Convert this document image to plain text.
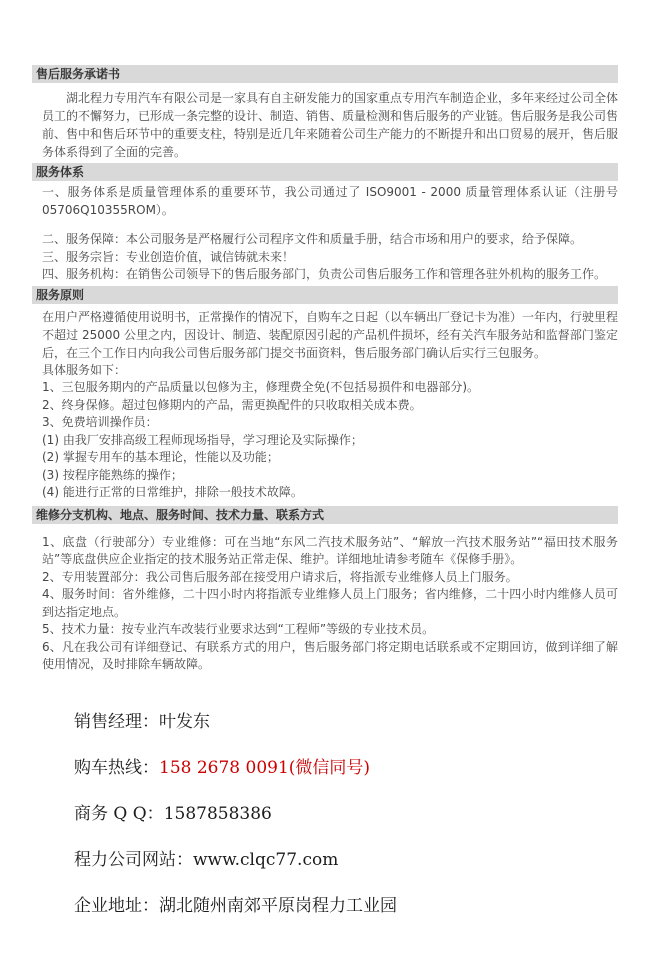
售后服务承诺书

湖北程力专用汽车有限公司是一家具有自主研发能力的国家重点专用汽车制造企业，多年来经过公司全体员工的不懈努力，已形成一条完整的设计、制造、销售、质量检测和售后服务的产业链。售后服务是我公司售前、售中和售后环节中的重要支柱，特别是近几年来随着公司生产能力的不断提升和出口贸易的展开，售后服务体系得到了全面的完善。

服务体系

一、服务体系是质量管理体系的重要环节，我公司通过了 ISO9001 - 2000 质量管理体系认证（注册号 05706Q10355ROM）。

二、服务保障：本公司服务是严格履行公司程序文件和质量手册，结合市场和用户的要求，给予保障。

三、服务宗旨：专业创造价值，诚信铸就未来！

四、服务机构：在销售公司领导下的售后服务部门，负责公司售后服务工作和管理各驻外机构的服务工作。

服务原则

在用户严格遵循使用说明书，正常操作的情况下，自购车之日起（以车辆出厂登记卡为准）一年内，行驶里程不超过 25000 公里之内，因设计、制造、装配原因引起的产品机件损坏，经有关汽车服务站和监督部门鉴定后，在三个工作日内向我公司售后服务部门提交书面资料，售后服务部门确认后实行三包服务。

具体服务如下：

1、三包服务期内的产品质量以包修为主，修理费全免(不包括易损件和电器部分)。

2、终身保修。超过包修期内的产品，需更换配件的只收取相关成本费。

3、免费培训操作员：

(1) 由我厂安排高级工程师现场指导，学习理论及实际操作；

(2) 掌握专用车的基本理论，性能以及功能；

(3) 按程序能熟练的操作；

(4) 能进行正常的日常维护，排除一般技术故障。

维修分支机构、地点、服务时间、技术力量、联系方式

1、底盘（行驶部分）专业维修：可在当地“东风二汽技术服务站”、“解放一汽技术服务站”“福田技术服务站”等底盘供应企业指定的技术服务站正常走保、维护。详细地址请参考随车《保修手册》。

2、专用装置部分：我公司售后服务部在接受用户请求后，将指派专业维修人员上门服务。

4、服务时间：省外维修，二十四小时内将指派专业维修人员上门服务；省内维修，二十四小时内维修人员可到达指定地点。

5、技术力量：按专业汽车改装行业要求达到“工程师”等级的专业技术员。

6、凡在我公司有详细登记、有联系方式的用户，售后服务部门将定期电话联系或不定期回访，做到详细了解使用情况，及时排除车辆故障。

销售经理：叶发东

购车热线：158 2678 0091(微信同号)

商务 Q Q：1587858386

程力公司网站：www.clqc77.com

企业地址：湖北随州南郊平原岗程力工业园
